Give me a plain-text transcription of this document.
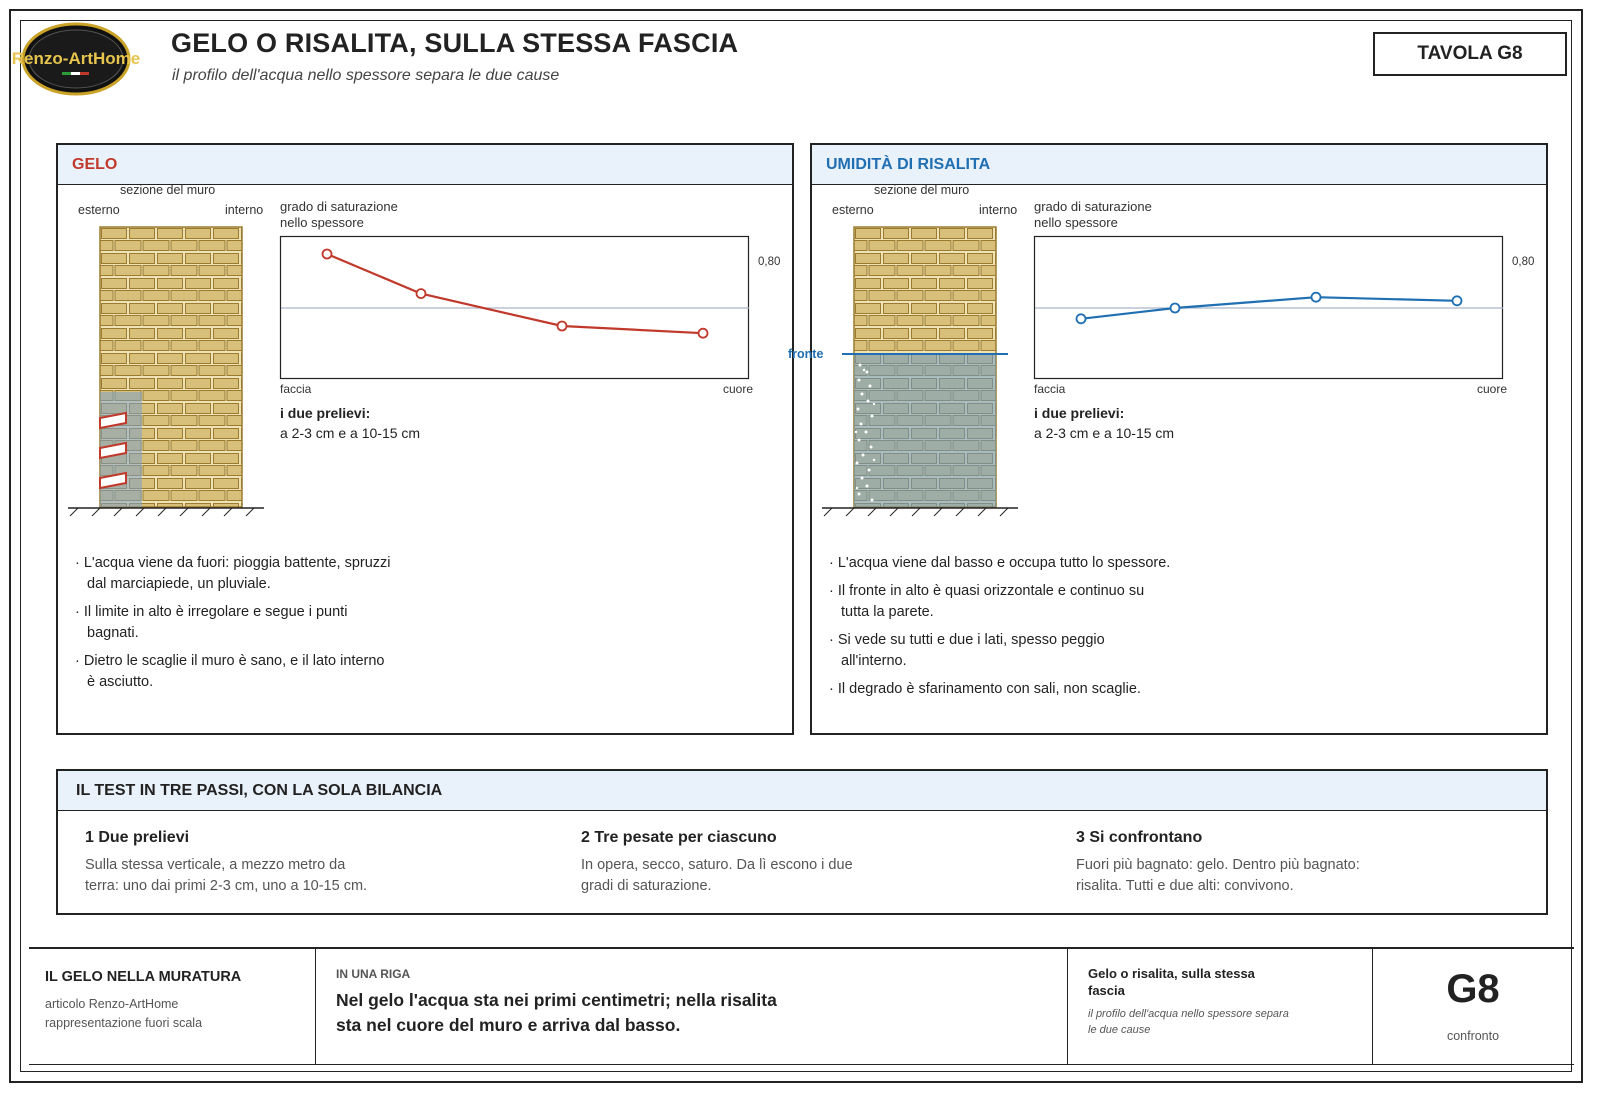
Renzo-ArtHome
GELO O RISALITA, SULLA STESSA FASCIA
il profilo dell'acqua nello spessore separa le due cause
TAVOLA G8
GELO
sezione del muro
esterno	interno grado di saturazione
nello spessore
0,80
faccia	cuore
i due prelievi:
a 2-3 cm e a 10-15 cm
· L'acqua viene da fuori: pioggia battente, spruzzi
dal marciapiede, un pluviale.
· Il limite in alto è irregolare e segue i punti
bagnati.
· Dietro le scaglie il muro è sano, e il lato interno
è asciutto.
UMIDITÀ DI RISALITA
sezione del muro
esterno	interno
fronte
grado di saturazione
nello spessore
0,80
faccia	cuore
i due prelievi:
a 2-3 cm e a 10-15 cm
· L'acqua viene dal basso e occupa tutto lo spessore.
· Il fronte in alto è quasi orizzontale e continuo su
tutta la parete.
· Si vede su tutti e due i lati, spesso peggio
all'interno.
· Il degrado è sfarinamento con sali, non scaglie.
IL TEST IN TRE PASSI, CON LA SOLA BILANCIA
1 Due prelievi
Sulla stessa verticale, a mezzo metro da
terra: uno dai primi 2-3 cm, uno a 10-15 cm.
2 Tre pesate per ciascuno
In opera, secco, saturo. Da lì escono i due
gradi di saturazione.
3 Si confrontano
Fuori più bagnato: gelo. Dentro più bagnato:
risalita. Tutti e due alti: convivono.
IL GELO NELLA MURATURA
articolo Renzo-ArtHome
rappresentazione fuori scala
IN UNA RIGA
Nel gelo l'acqua sta nei primi centimetri; nella risalita
sta nel cuore del muro e arriva dal basso.
Gelo o risalita, sulla stessa
fascia
il profilo dell'acqua nello spessore separa
le due cause
G8
confronto
